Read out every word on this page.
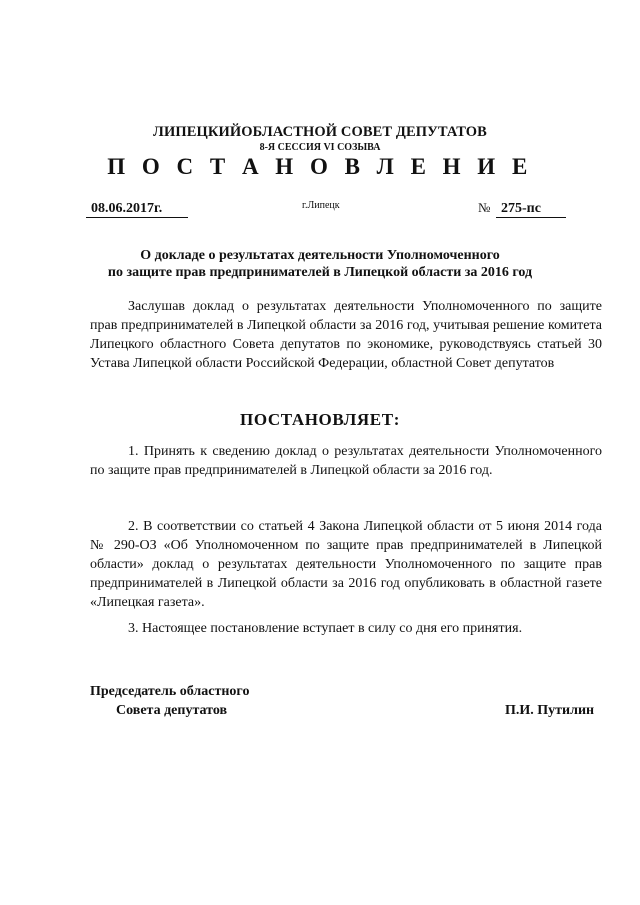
ЛИПЕЦКИЙОБЛАСТНОЙ СОВЕТ ДЕПУТАТОВ
8-Я СЕССИЯ VI СОЗЫВА
П О С Т А Н О В Л Е Н И Е
08.06.2017г.	г.Липецк	№ 275-пс
О докладе о результатах деятельности Уполномоченного
по защите прав предпринимателей в Липецкой области за 2016 год
Заслушав доклад о результатах деятельности Уполномоченного по защите прав предпринимателей в Липецкой области за 2016 год, учитывая решение комитета Липецкого областного Совета депутатов по экономике, руководствуясь статьей 30 Устава Липецкой области Российской Федерации, областной Совет депутатов
ПОСТАНОВЛЯЕТ:
1. Принять к сведению доклад о результатах деятельности Уполномоченного по защите прав предпринимателей в Липецкой области за 2016 год.
2. В соответствии со статьей 4 Закона Липецкой области от 5 июня 2014 года № 290-ОЗ «Об Уполномоченном по защите прав предпринимателей в Липецкой области» доклад о результатах деятельности Уполномоченного по защите прав предпринимателей в Липецкой области за 2016 год опубликовать в областной газете «Липецкая газета».
3. Настоящее постановление вступает в силу со дня его принятия.
Председатель областного
Совета депутатов	П.И. Путилин
